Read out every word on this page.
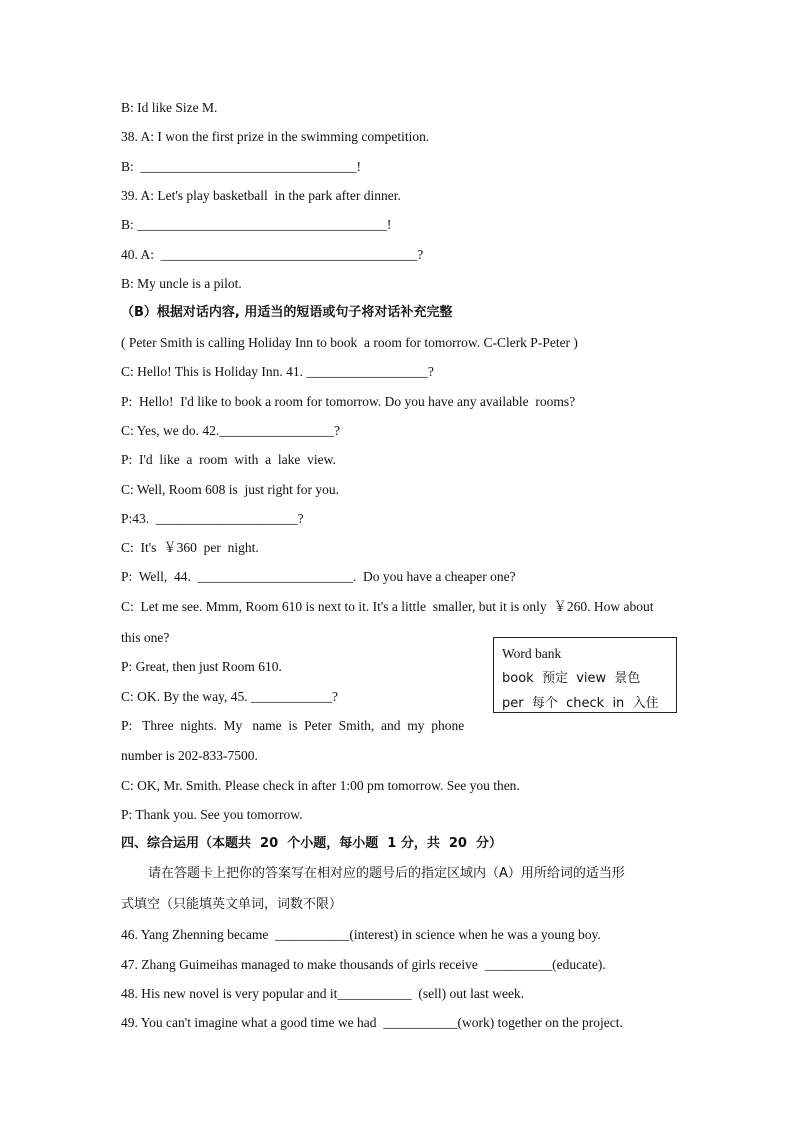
B: Id like Size M.
38. A: I won the first prize in the swimming competition.
B:  ________________________________!
39. A: Let's play basketball  in the park after dinner.
B: _____________________________________!
40. A:  ______________________________________?
B: My uncle is a pilot.
（B）根据对话内容, 用适当的短语或句子将对话补充完整
( Peter Smith is calling Holiday Inn to book  a room for tomorrow. C-Clerk P-Peter )
C: Hello! This is Holiday Inn. 41. __________________?
P:  Hello!  I'd like to book a room for tomorrow. Do you have any available  rooms?
C: Yes, we do. 42._________________?
P:  I'd  like  a  room  with  a  lake  view.
C: Well, Room 608 is  just right for you.
P:43.  _____________________?
C:  It's  ￥360  per  night.
P:  Well,  44.  _______________________.  Do you have a cheaper one?
C:  Let me see. Mmm, Room 610 is next to it. It's a little  smaller, but it is only  ￥260. How about
this one?
P: Great, then just Room 610.
C: OK. By the way, 45. ____________?
P:   Three  nights.  My   name  is  Peter  Smith,  and  my  phone
number is 202-833-7500.
C: OK, Mr. Smith. Please check in after 1:00 pm tomorrow. See you then.
P: Thank you. See you tomorrow.
四、综合运用（本题共  20  个小题，每小题  1 分，共  20  分）
请在答题卡上把你的答案写在相对应的题号后的指定区域内（A）用所给词的适当形
式填空（只能填英文单词，词数不限）
46. Yang Zhenning became  ___________(interest) in science when he was a young boy.
47. Zhang Guimeihas managed to make thousands of girls receive  __________(educate).
48. His new novel is very popular and it___________  (sell) out last week.
49. You can't imagine what a good time we had  ___________(work) together on the project.
Word bank
book  预定  view  景色
per  每个  check  in  入住
